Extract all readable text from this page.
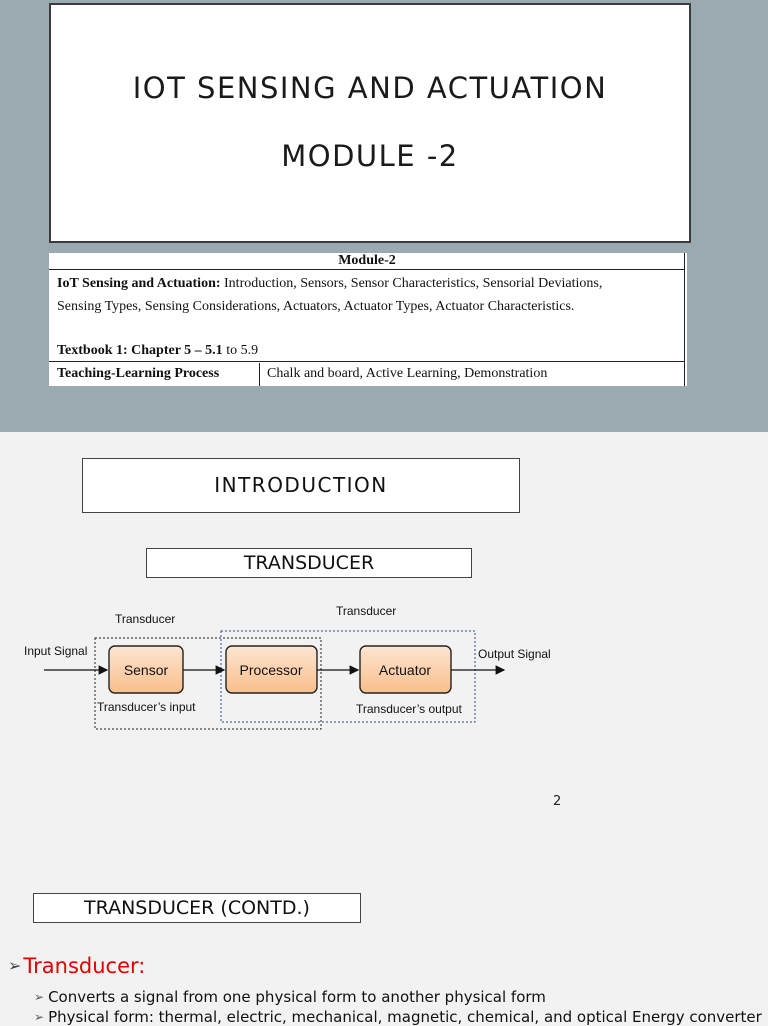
IOT SENSING AND ACTUATION
MODULE -2
Module-2
IoT Sensing and Actuation: Introduction, Sensors, Sensor Characteristics, Sensorial Deviations,
Sensing Types, Sensing Considerations, Actuators, Actuator Types, Actuator Characteristics.
Textbook 1: Chapter 5 – 5.1 to 5.9
Teaching-Learning Process	Chalk and board, Active Learning, Demonstration
INTRODUCTION
TRANSDUCER
Sensor	Processor	Actuator
Input Signal	Output Signal
Transducer
Transducer
Transducer’s input	Transducer’s output
2
TRANSDUCER (CONTD.)
➢Transducer:
➢ Converts a signal from one physical form to another physical form
➢ Physical form: thermal, electric, mechanical, magnetic, chemical, and optical Energy converter
